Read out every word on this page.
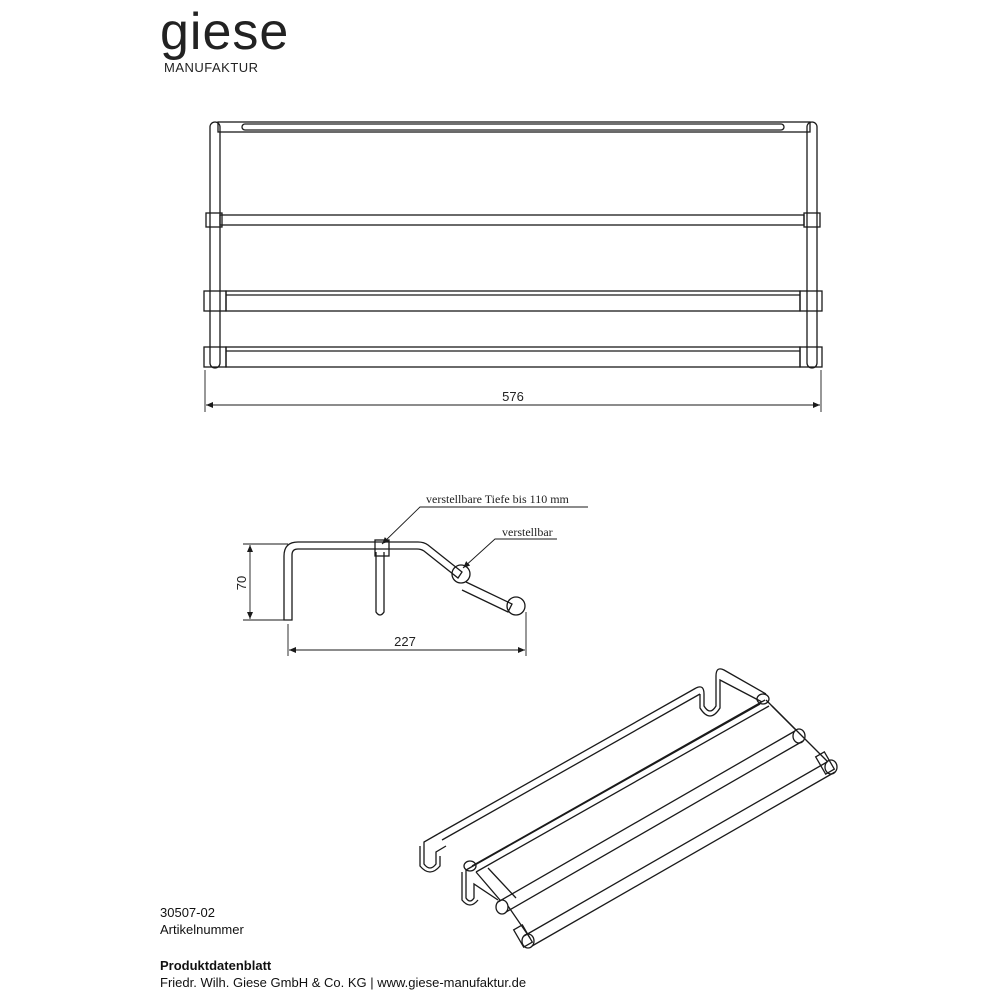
giese
MANUFAKTUR
576
70
227
verstellbare Tiefe bis 110 mm
verstellbar
30507-02
Artikelnummer
Produktdatenblatt
Friedr. Wilh. Giese GmbH & Co. KG | www.giese-manufaktur.de
